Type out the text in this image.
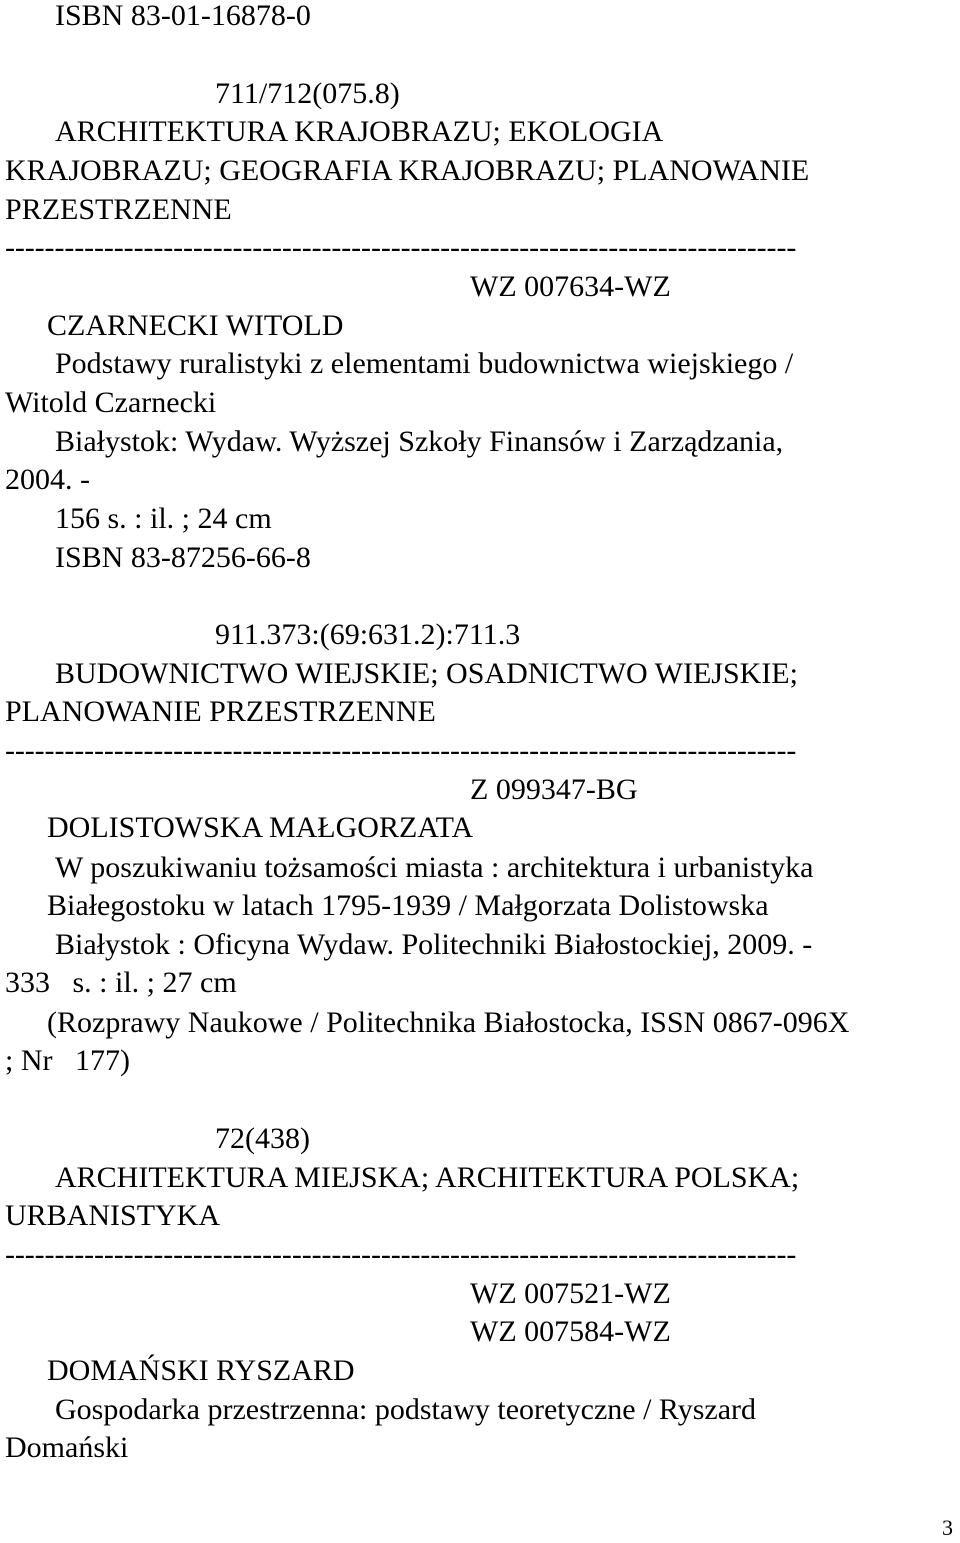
ISBN 83-01-16878-0

711/712(075.8)

ARCHITEKTURA KRAJOBRAZU; EKOLOGIA

KRAJOBRAZU; GEOGRAFIA KRAJOBRAZU; PLANOWANIE

PRZESTRZENNE

--------------------------------------------------------------------------------

WZ 007634-WZ

CZARNECKI WITOLD

Podstawy ruralistyki z elementami budownictwa wiejskiego /

Witold Czarnecki

Białystok: Wydaw. Wyższej Szkoły Finansów i Zarządzania,

2004. -

156 s. : il. ; 24 cm

ISBN 83-87256-66-8

911.373:(69:631.2):711.3

BUDOWNICTWO WIEJSKIE; OSADNICTWO WIEJSKIE;

PLANOWANIE PRZESTRZENNE

--------------------------------------------------------------------------------

Z 099347-BG

DOLISTOWSKA MAŁGORZATA

W poszukiwaniu tożsamości miasta : architektura i urbanistyka

Białegostoku w latach 1795-1939 / Małgorzata Dolistowska

Białystok : Oficyna Wydaw. Politechniki Białostockiej, 2009. -

333   s. : il. ; 27 cm

(Rozprawy Naukowe / Politechnika Białostocka, ISSN 0867-096X

; Nr   177)

72(438)

ARCHITEKTURA MIEJSKA; ARCHITEKTURA POLSKA;

URBANISTYKA

--------------------------------------------------------------------------------

WZ 007521-WZ

WZ 007584-WZ

DOMAŃSKI RYSZARD

Gospodarka przestrzenna: podstawy teoretyczne / Ryszard

Domański

3
